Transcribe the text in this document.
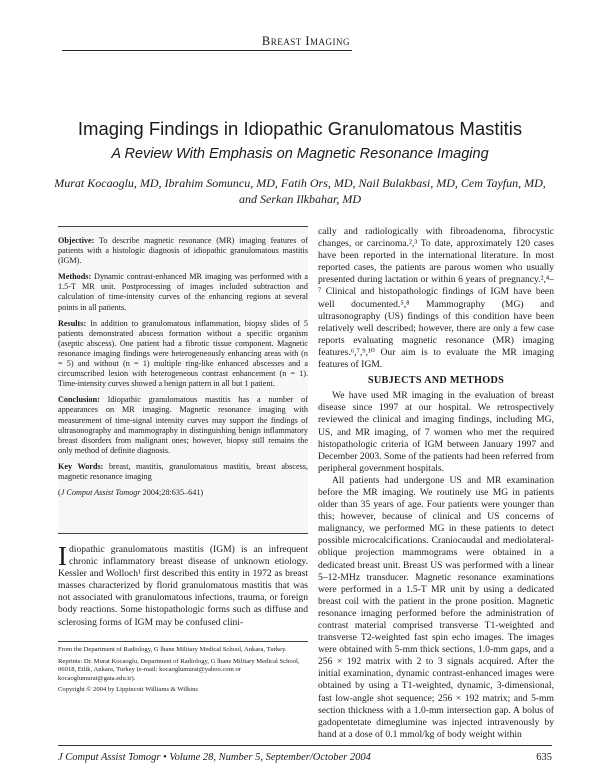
Breast Imaging
Imaging Findings in Idiopathic Granulomatous Mastitis
A Review With Emphasis on Magnetic Resonance Imaging
Murat Kocaoglu, MD, Ibrahim Somuncu, MD, Fatih Ors, MD, Nail Bulakbasi, MD, Cem Tayfun, MD,
and Serkan Ilkbahar, MD

Objective: To describe magnetic resonance (MR) imaging features of patients with a histologic diagnosis of idiopathic granulomatous mastitis (IGM).

Methods: Dynamic contrast-enhanced MR imaging was performed with a 1.5-T MR unit. Postprocessing of images included subtraction and calculation of time-intensity curves of the enhancing regions at several points in all patients.

Results: In addition to granulomatous inflammation, biopsy slides of 5 patients demonstrated abscess formation without a specific organism (aseptic abscess). One patient had a fibrotic tissue component. Magnetic resonance imaging findings were heterogeneously enhancing areas with (n = 5) and without (n = 1) multiple ring-like enhanced abscesses and a circumscribed lesion with heterogeneous contrast enhancement (n = 1). Time-intensity curves showed a benign pattern in all but 1 patient.

Conclusion: Idiopathic granulomatous mastitis has a number of appearances on MR imaging. Magnetic resonance imaging with measurement of time-signal intensity curves may support the findings of ultrasonography and mammography in distinguishing benign inflammatory breast disorders from malignant ones; however, biopsy still remains the only method of definite diagnosis.

Key Words: breast, mastitis, granulomatous mastitis, breast abscess, magnetic resonance imaging

(J Comput Assist Tomogr 2004;28:635–641)

Idiopathic granulomatous mastitis (IGM) is an infrequent chronic inflammatory breast disease of unknown etiology. Kessler and Wolloch¹ first described this entity in 1972 as breast masses characterized by florid granulomatous mastitis that was not associated with granulomatous infections, trauma, or foreign body reactions. Some histopathologic forms such as diffuse and sclerosing forms of IGM may be confused clini-

From the Department of Radiology, G lhane Military Medical School, Ankara, Turkey.

Reprints: Dr. Murat Kocaoglu, Department of Radiology, G lhane Military Medical School, 06018, Etlik, Ankara, Turkey (e-mail: kocaoglumurat@yahoo.com or kocaoglumurat@gata.edu.tr).

Copyright © 2004 by Lippincott Williams & Wilkins

cally and radiologically with fibroadenoma, fibrocystic changes, or carcinoma.²,³ To date, approximately 120 cases have been reported in the international literature. In most reported cases, the patients are parous women who usually presented during lactation or within 6 years of pregnancy.²,⁴–⁷ Clinical and histopathologic findings of IGM have been well documented.⁵,⁸ Mammography (MG) and ultrasonography (US) findings of this condition have been relatively well described; however, there are only a few case reports evaluating magnetic resonance (MR) imaging features.⁶,⁷,⁹,¹⁰ Our aim is to evaluate the MR imaging features of IGM.

SUBJECTS AND METHODS

We have used MR imaging in the evaluation of breast disease since 1997 at our hospital. We retrospectively reviewed the clinical and imaging findings, including MG, US, and MR imaging, of 7 women who met the required histopathologic criteria of IGM between January 1997 and December 2003. Some of the patients had been referred from peripheral government hospitals.

All patients had undergone US and MR examination before the MR imaging. We routinely use MG in patients older than 35 years of age. Four patients were younger than this; however, because of clinical and US concerns of malignancy, we performed MG in these patients to detect possible microcalcifications. Craniocaudal and mediolateral-oblique projection mammograms were obtained in a dedicated breast unit. Breast US was performed with a linear 5–12-MHz transducer. Magnetic resonance examinations were performed in a 1.5-T MR unit by using a dedicated breast coil with the patient in the prone position. Magnetic resonance imaging performed before the administration of contrast material comprised transverse T1-weighted and transverse T2-weighted fast spin echo images. The images were obtained with 5-mm thick sections, 1.0-mm gaps, and a 256 × 192 matrix with 2 to 3 signals acquired. After the initial examination, dynamic contrast-enhanced images were obtained by using a T1-weighted, dynamic, 3-dimensional, fast low-angle shot sequence; 256 × 192 matrix; and 5-mm section thickness with a 1.0-mm intersection gap. A bolus of gadopentetate dimeglumine was injected intravenously by hand at a dose of 0.1 mmol/kg of body weight within

J Comput Assist Tomogr • Volume 28, Number 5, September/October 2004	635
